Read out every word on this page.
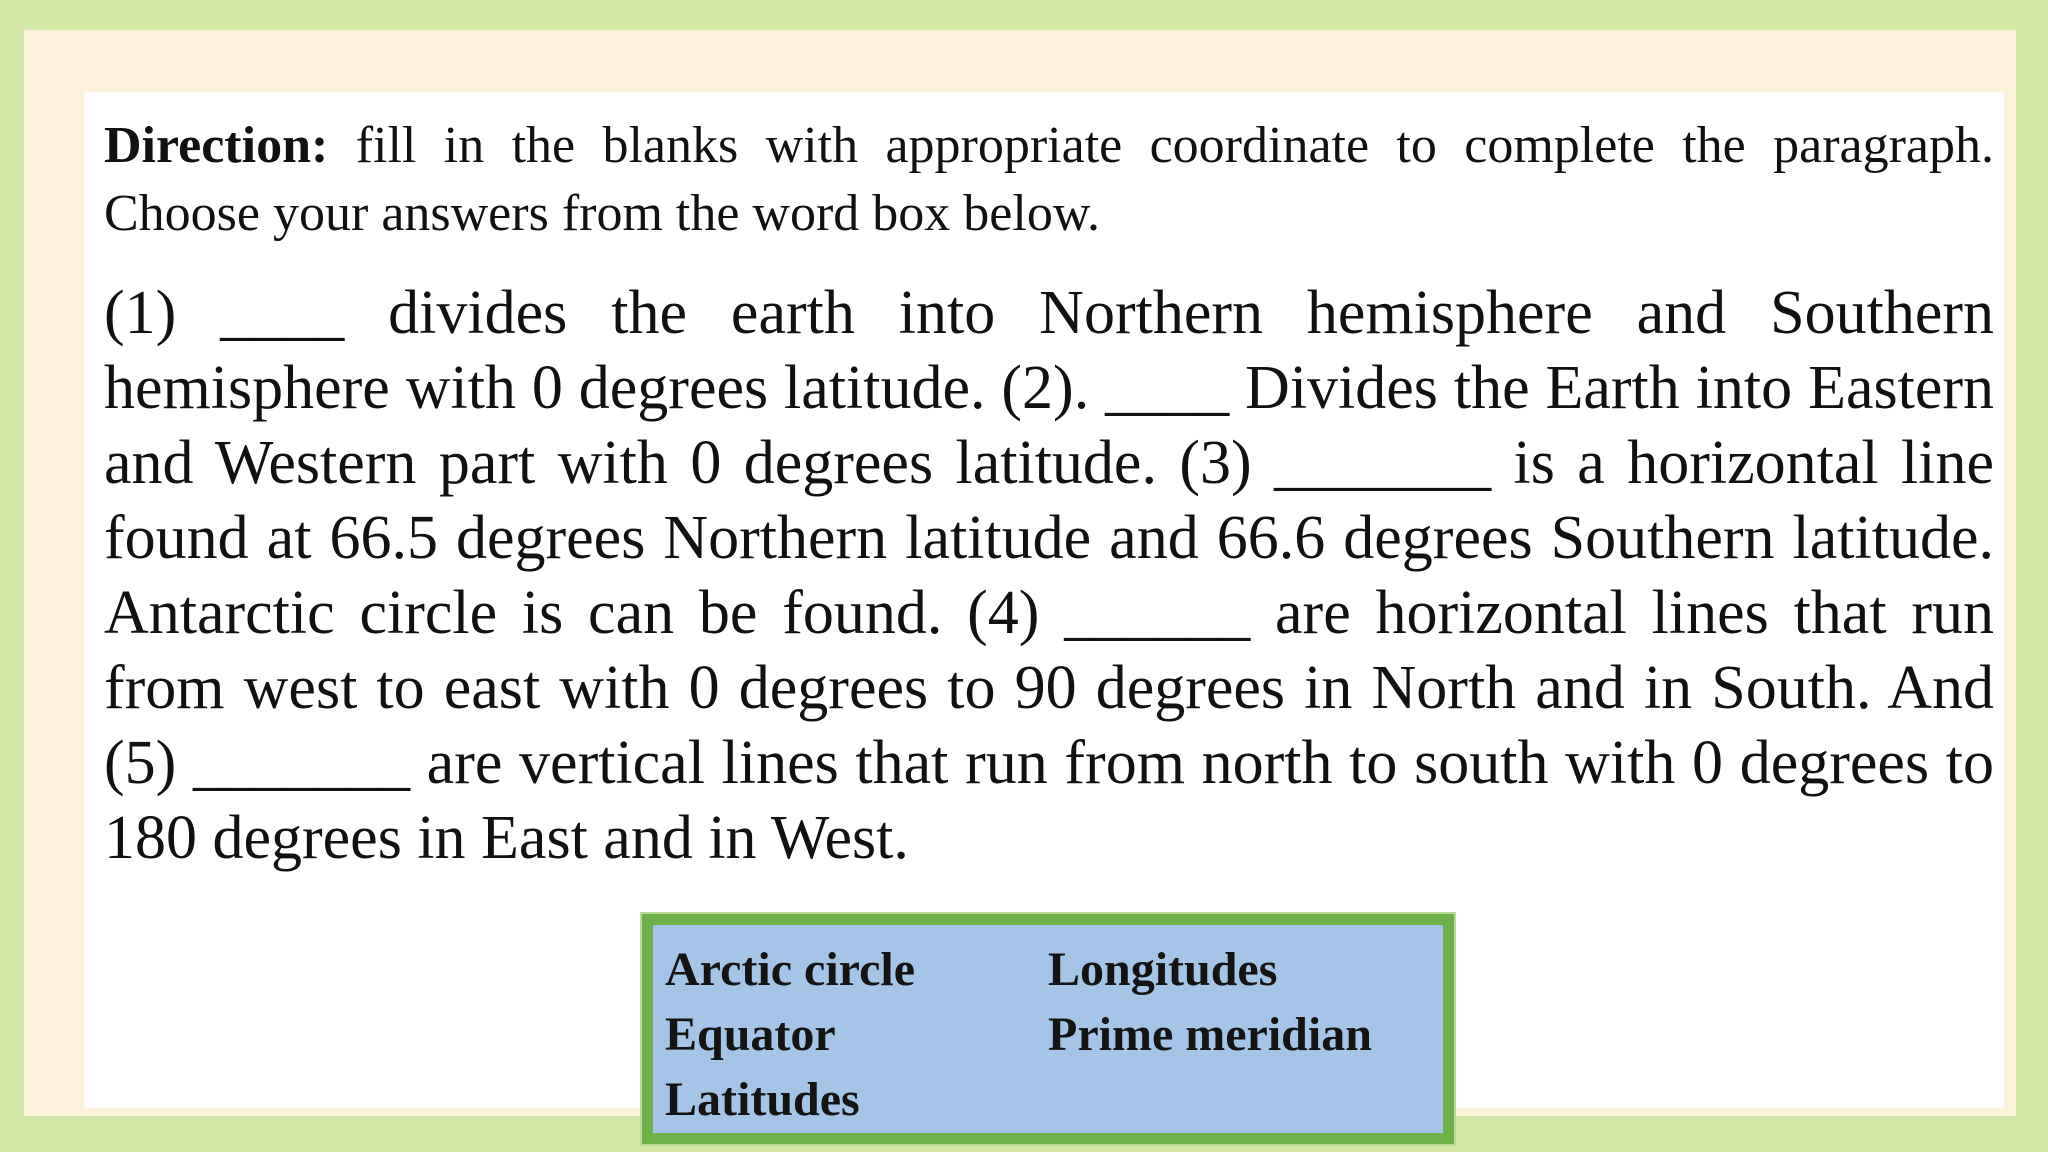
Direction: fill in the blanks with appropriate coordinate to complete the paragraph. Choose your answers from the word box below.

(1) ____ divides the earth into Northern hemisphere and Southern hemisphere with 0 degrees latitude. (2). ____ Divides the Earth into Eastern and Western part with 0 degrees latitude. (3) _______ is a horizontal line found at 66.5 degrees Northern latitude and 66.6 degrees Southern latitude. Antarctic circle is can be found. (4) ______ are horizontal lines that run from west to east with 0 degrees to 90 degrees in North and in South. And (5) _______ are vertical lines that run from north to south with 0 degrees to 180 degrees in East and in West.

Arctic circle
Equator
Latitudes
Longitudes
Prime meridian
